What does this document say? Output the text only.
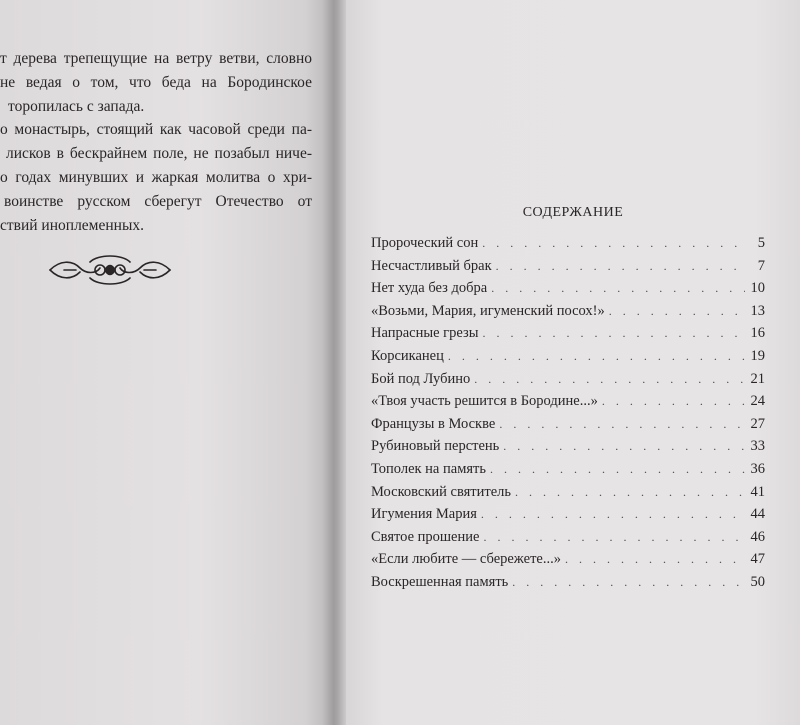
т дерева трепещущие на ветру ветви, словно
не ведая о том, что беда на Бородинское
торопилась с запада.
о монастырь, стоящий как часовой среди па-
лисков в бескрайнем поле, не позабыл ниче-
о годах минувших и жаркая молитва о хри-
воинстве русском сберегут Отечество от
ствий иноплеменных.
СОДЕРЖАНИЕ
Пророческий сон . . .	5
Несчастливый брак . . .	7
Нет худа без добра . . .	10
«Возьми, Мария, игуменский посох!» . . .	13
Напрасные грезы . . .	16
Корсиканец . . .	19
Бой под Лубино . . .	21
«Твоя участь решится в Бородине...» . . .	24
Французы в Москве . . .	27
Рубиновый перстень . . .	33
Тополек на память . . .	36
Московский святитель . . .	41
Игумения Мария . . .	44
Святое прошение . . .	46
«Если любите — сбережете...» . . .	47
Воскрешенная память . . .	50
